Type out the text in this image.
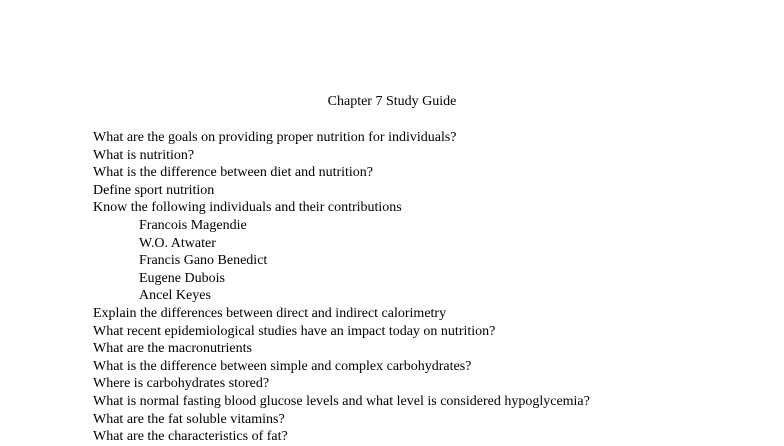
Chapter 7 Study Guide
What are the goals on providing proper nutrition for individuals?
What is nutrition?
What is the difference between diet and nutrition?
Define sport nutrition
Know the following individuals and their contributions
Francois Magendie
W.O. Atwater
Francis Gano Benedict
Eugene Dubois
Ancel Keyes
Explain the differences between direct and indirect calorimetry
What recent epidemiological studies have an impact today on nutrition?
What are the macronutrients
What is the difference between simple and complex carbohydrates?
Where is carbohydrates stored?
What is normal fasting blood glucose levels and what level is considered hypoglycemia?
What are the fat soluble vitamins?
What are the characteristics of fat?
